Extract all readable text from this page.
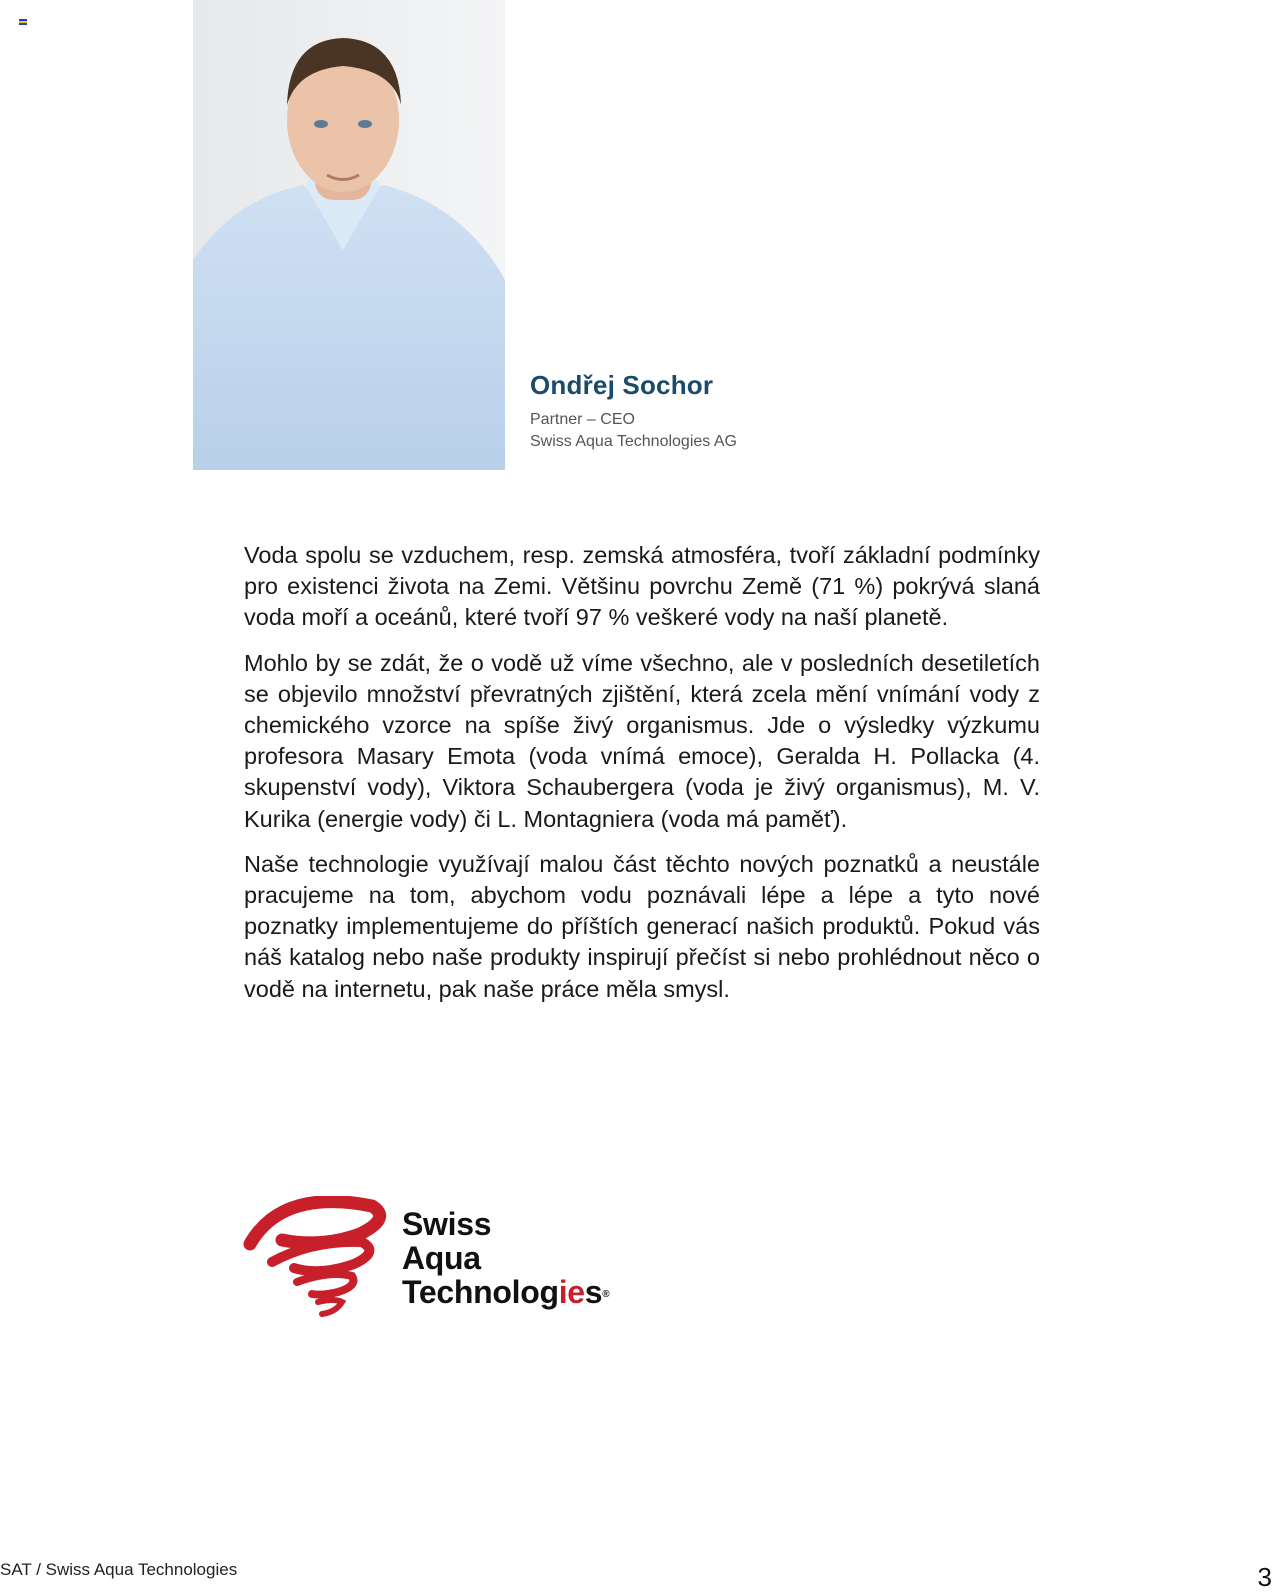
Ondřej Sochor
Partner – CEO
Swiss Aqua Technologies AG

Voda spolu se vzduchem, resp. zemská atmosféra, tvoří základní podmínky pro existenci života na Zemi. Většinu povrchu Země (71 %) pokrývá slaná voda moří a oceánů, které tvoří 97 % veškeré vody na naší planetě.

Mohlo by se zdát, že o vodě už víme všechno, ale v posledních desetiletích se objevilo množství převratných zjištění, která zcela mění vnímání vody z chemického vzorce na spíše živý organismus. Jde o výsledky výzkumu profesora Masary Emota (voda vnímá emoce), Geralda H. Pollacka (4. skupenství vody), Viktora Schaubergera (voda je živý organismus), M. V. Kurika (energie vody) či L. Montagniera (voda má paměť).

Naše technologie využívají malou část těchto nových poznatků a neustále pracujeme na tom, abychom vodu poznávali lépe a lépe a tyto nové poznatky implementujeme do příštích generací našich produktů. Pokud vás náš katalog nebo naše produkty inspirují přečíst si nebo prohlédnout něco o vodě na internetu, pak naše práce měla smysl.

Swiss
Aqua
Technologies®
SAT / Swiss Aqua Technologies	3
